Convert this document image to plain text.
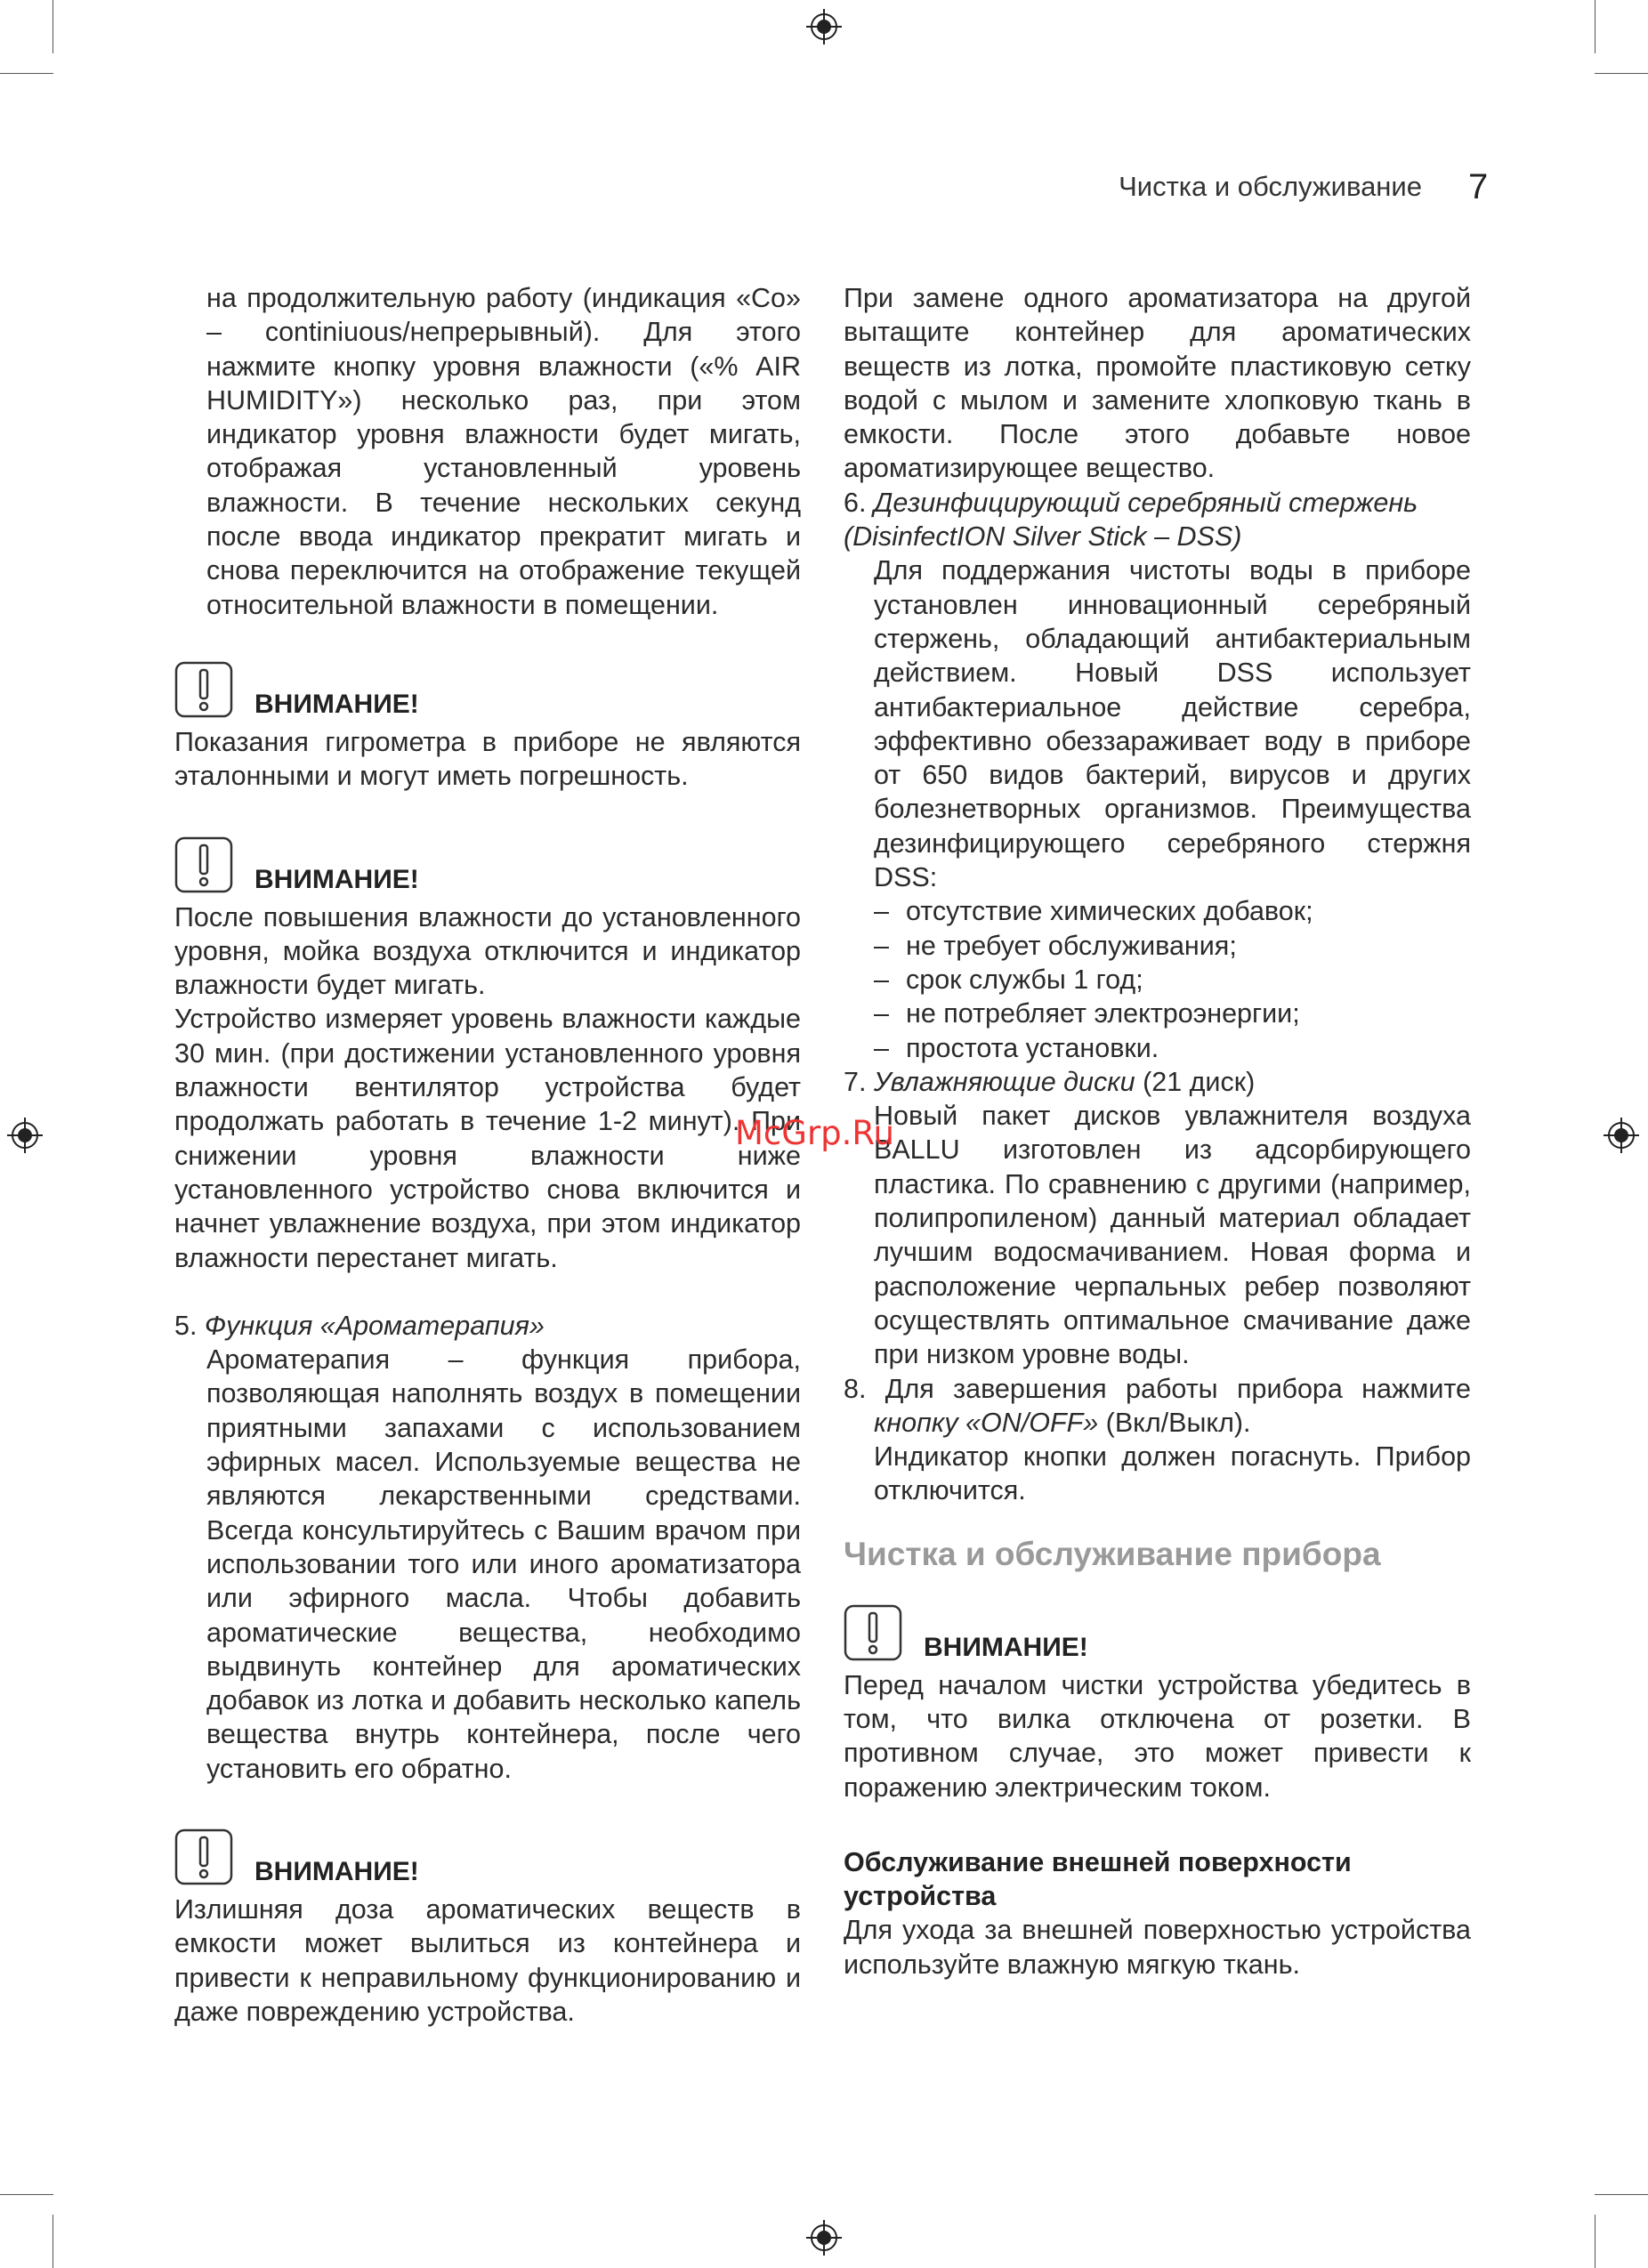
Чистка и обслуживание 7

на продолжительную работу (индикация «Co» – continiuous/непрерывный). Для этого нажмите кнопку уровня влажности («% AIR HUMIDITY») несколько раз, при этом индикатор уровня влажности будет мигать, отображая установленный уровень влажности. В течение нескольких секунд после ввода индикатор прекратит мигать и снова переключится на отображение текущей относительной влажности в помещении.

ВНИМАНИЕ!

Показания гигрометра в приборе не являются эталонными и могут иметь погрешность.

ВНИМАНИЕ!

После повышения влажности до установленного уровня, мойка воздуха отключится и индикатор влажности будет мигать.

Устройство измеряет уровень влажности каждые 30 мин. (при достижении установленного уровня влажности вентилятор устройства будет продолжать работать в течение 1-2 минут). При снижении уровня влажности ниже установленного устройство снова включится и начнет увлажнение воздуха, при этом индикатор влажности перестанет мигать.

5. Функция «Ароматерапия»

Ароматерапия – функция прибора, позволяющая наполнять воздух в помещении приятными запахами с использованием эфирных масел. Используемые вещества не являются лекарственными средствами. Всегда консультируйтесь с Вашим врачом при использовании того или иного ароматизатора или эфирного масла. Чтобы добавить ароматические вещества, необходимо выдвинуть контейнер для ароматических добавок из лотка и добавить несколько капель вещества внутрь контейнера, после чего установить его обратно.

ВНИМАНИЕ!

Излишняя доза ароматических веществ в емкости может вылиться из контейнера и привести к неправильному функционированию и даже повреждению устройства.

При замене одного ароматизатора на другой вытащите контейнер для ароматических веществ из лотка, промойте пластиковую сетку водой с мылом и замените хлопковую ткань в емкости. После этого добавьте новое ароматизирующее вещество.

6. Дезинфицирующий серебряный стержень (DisinfectION Silver Stick – DSS)

Для поддержания чистоты воды в приборе установлен инновационный серебряный стержень, обладающий антибактериальным действием. Новый DSS использует антибактериальное действие серебра, эффективно обеззараживает воду в приборе от 650 видов бактерий, вирусов и других болезнетворных организмов. Преимущества дезинфицирующего серебряного стержня DSS:

– отсутствие химических добавок;
– не требует обслуживания;
– срок службы 1 год;
– не потребляет электроэнергии;
– простота установки.
7. Увлажняющие диски (21 диск)

Новый пакет дисков увлажнителя воздуха BALLU изготовлен из адсорбирующего пластика. По сравнению с другими (например, полипропиленом) данный материал обладает лучшим водосмачиванием. Новая форма и расположение черпальных ребер позволяют осуществлять оптимальное смачивание даже при низком уровне воды.

8. Для завершения работы прибора нажмите кнопку «ON/OFF» (Вкл/Выкл).

Индикатор кнопки должен погаснуть. Прибор отключится.

Чистка и обслуживание прибора
ВНИМАНИЕ!

Перед началом чистки устройства убедитесь в том, что вилка отключена от розетки. В противном случае, это может привести к поражению электрическим током.

Обслуживание внешней поверхности устройства

Для ухода за внешней поверхностью устройства используйте влажную мягкую ткань.

McGrp.Ru
